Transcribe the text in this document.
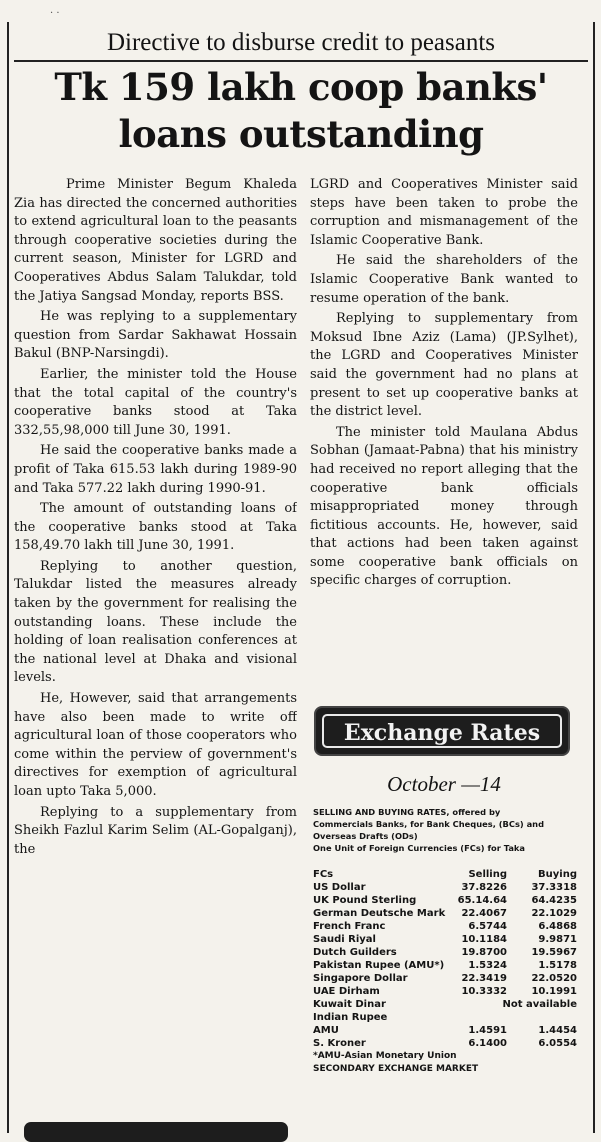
· ·
Directive to disburse credit to peasants
Tk 159 lakh coop banks'
loans outstanding

Prime Minister Begum Khaleda Zia has directed the concerned authorities to extend agricultural loan to the peasants through cooperative societies during the current season, Minister for LGRD and Cooperatives Abdus Salam Talukdar, told the Jatiya Sangsad Monday, reports BSS.

He was replying to a supplementary question from Sardar Sakhawat Hossain Bakul (BNP-Narsingdi).

Earlier, the minister told the House that the total capital of the country's cooperative banks stood at Taka 332,55,98,000 till June 30, 1991.

He said the cooperative banks made a profit of Taka 615.53 lakh during 1989-90 and Taka 577.22 lakh during 1990-91.

The amount of outstanding loans of the cooperative banks stood at Taka 158,49.70 lakh till June 30, 1991.

Replying to another question, Talukdar listed the measures already taken by the government for realising the outstanding loans. These include the holding of loan realisation conferences at the national level at Dhaka and visional levels.

He, However, said that arrangements have also been made to write off agricultural loan of those cooperators who come within the perview of government's directives for exemption of agricultural loan upto Taka 5,000.

Replying to a supplementary from Sheikh Fazlul Karim Selim (AL-Gopalganj), the

LGRD and Cooperatives Minister said steps have been taken to probe the corruption and mismanagement of the Islamic Cooperative Bank.

He said the shareholders of the Islamic Cooperative Bank wanted to resume operation of the bank.

Replying to supplementary from Moksud Ibne Aziz (Lama) (JP.Sylhet), the LGRD and Cooperatives Minister said the government had no plans at present to set up cooperative banks at the district level.

The minister told Maulana Abdus Sobhan (Jamaat-Pabna) that his ministry had received no report alleging that the cooperative bank officials misappropriated money through fictitious accounts. He, however, said that actions had been taken against some cooperative bank officials on specific charges of corruption.

Exchange Rates
October —14
SELLING AND BUYING RATES, offered by
Commercials Banks, for Bank Cheques, (BCs) and
Overseas Drafts (ODs)
One Unit of Foreign Currencies (FCs) for Taka
FCs	Selling	Buying
US Dollar	37.8226	37.3318
UK Pound Sterling	65.14.64	64.4235
German Deutsche Mark	22.4067	22.1029
French Franc	6.5744	6.4868
Saudi Riyal	10.1184	9.9871
Dutch Guilders	19.8700	19.5967
Pakistan Rupee (AMU*)	1.5324	1.5178
Singapore Dollar	22.3419	22.0520
UAE Dirham	10.3332	10.1991
Kuwait Dinar	Not available
Indian Rupee
AMU	1.4591	1.4454
S. Kroner	6.1400	6.0554
*AMU-Asian Monetary Union
SECONDARY EXCHANGE MARKET
